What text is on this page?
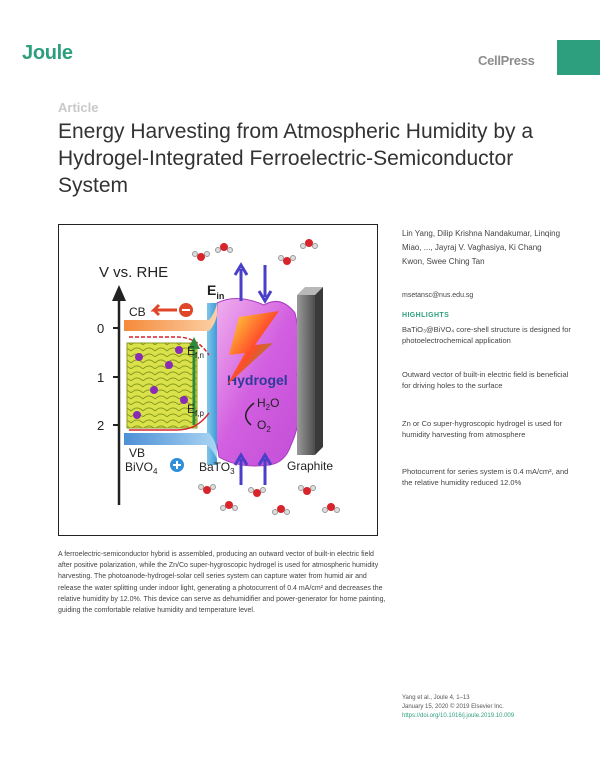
Joule	CellPress
Article
Energy Harvesting from Atmospheric Humidity by a Hydrogel-Integrated Ferroelectric-Semiconductor System
V vs. RHE
0
1
2
Hydrogel
Graphite
CB
VB
$E_{in}$
$E_{f,n}$
$E_{f,p}$
$H_2O$
$O_2$
BiVO$_4$	BaTO$_3$
Lin Yang, Dilip Krishna Nandakumar, Linqing Miao, ..., Jayraj V. Vaghasiya, Ki Chang Kwon, Swee Ching Tan
msetansc@nus.edu.sg
HIGHLIGHTS
BaTiO₃@BiVO₄ core-shell structure is designed for photoelectrochemical application
Outward vector of built-in electric field is beneficial for driving holes to the surface
Zn or Co super-hygroscopic hydrogel is used for humidity harvesting from atmosphere
Photocurrent for series system is 0.4 mA/cm², and the relative humidity reduced 12.0%

A ferroelectric-semiconductor hybrid is assembled, producing an outward vector of built-in electric field after positive polarization, while the Zn/Co super-hygroscopic hydrogel is used for atmospheric humidity harvesting. The photoanode-hydrogel-solar cell series system can capture water from humid air and release the water splitting under indoor light, generating a photocurrent of 0.4 mA/cm² and decreases the relative humidity by 12.0%. This device can serve as dehumidifier and power-generator for home painting, guiding the comfortable relative humidity and temperature level.

Yang et al., Joule 4, 1–13
January 15, 2020 © 2019 Elsevier Inc.
https://doi.org/10.1016/j.joule.2019.10.009
